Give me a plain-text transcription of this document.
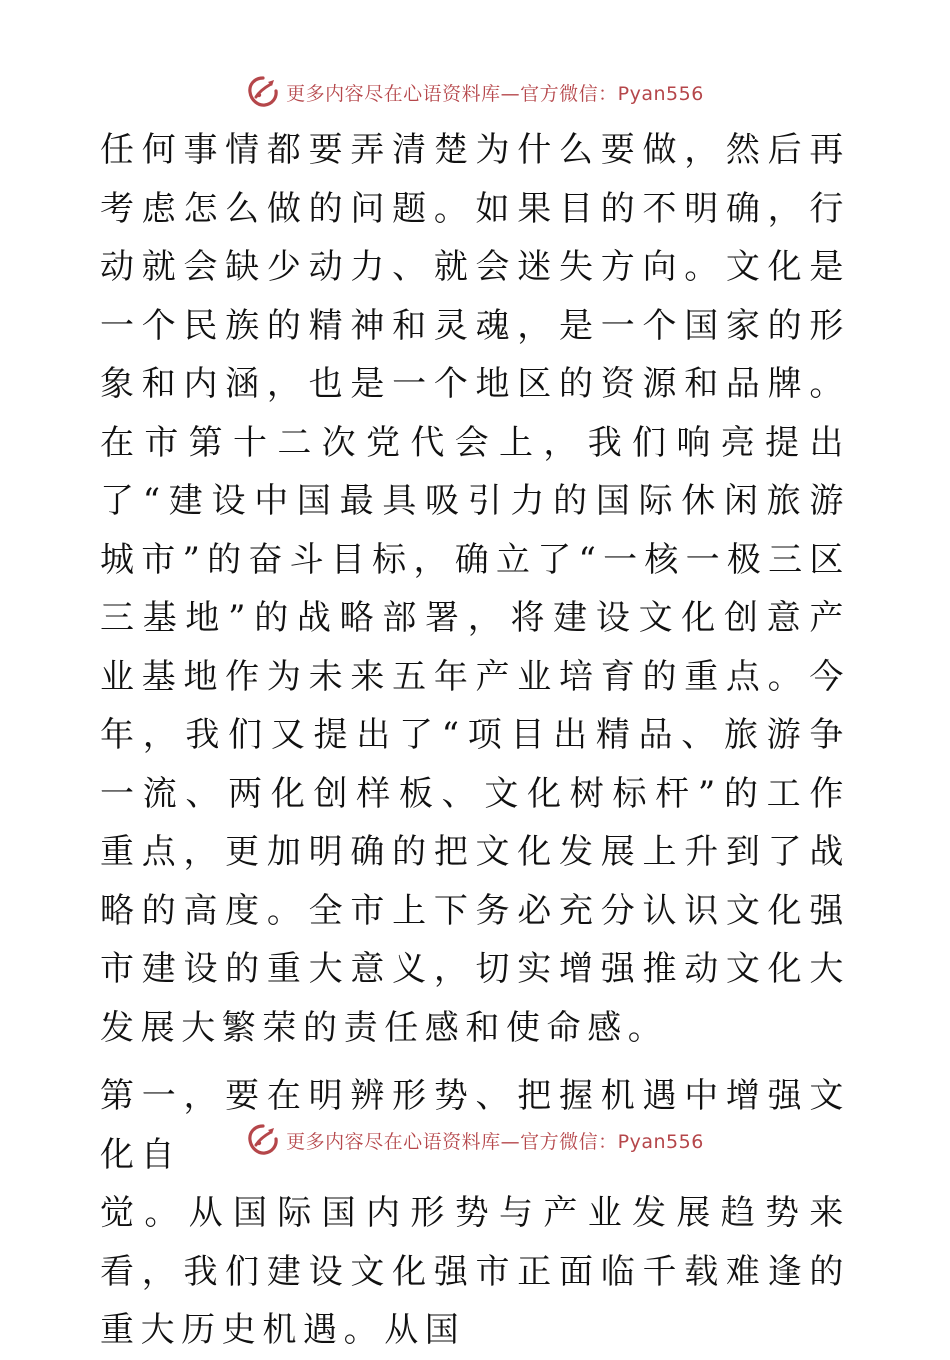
更多内容尽在心语资料库—官方微信：Pyan556

任何事情都要弄清楚为什么要做，然后再考虑怎么做的问题。如果目的不明确，行动就会缺少动力、就会迷失方向。文化是一个民族的精神和灵魂，是一个国家的形象和内涵，也是一个地区的资源和品牌。在市第十二次党代会上，我们响亮提出了“建设中国最具吸引力的国际休闲旅游城市”的奋斗目标，确立了“一核一极三区三基地”的战略部署，将建设文化创意产业基地作为未来五年产业培育的重点。今年，我们又提出了“项目出精品、旅游争一流、两化创样板、文化树标杆”的工作重点，更加明确的把文化发展上升到了战略的高度。全市上下务必充分认识文化强市建设的重大意义，切实增强推动文化大发展大繁荣的责任感和使命感。

第一，要在明辨形势、把握机遇中增强文化自

觉。从国际国内形势与产业发展趋势来看，我们建设文化强市正面临千载难逢的重大历史机遇。从国

更多内容尽在心语资料库—官方微信：Pyan556
